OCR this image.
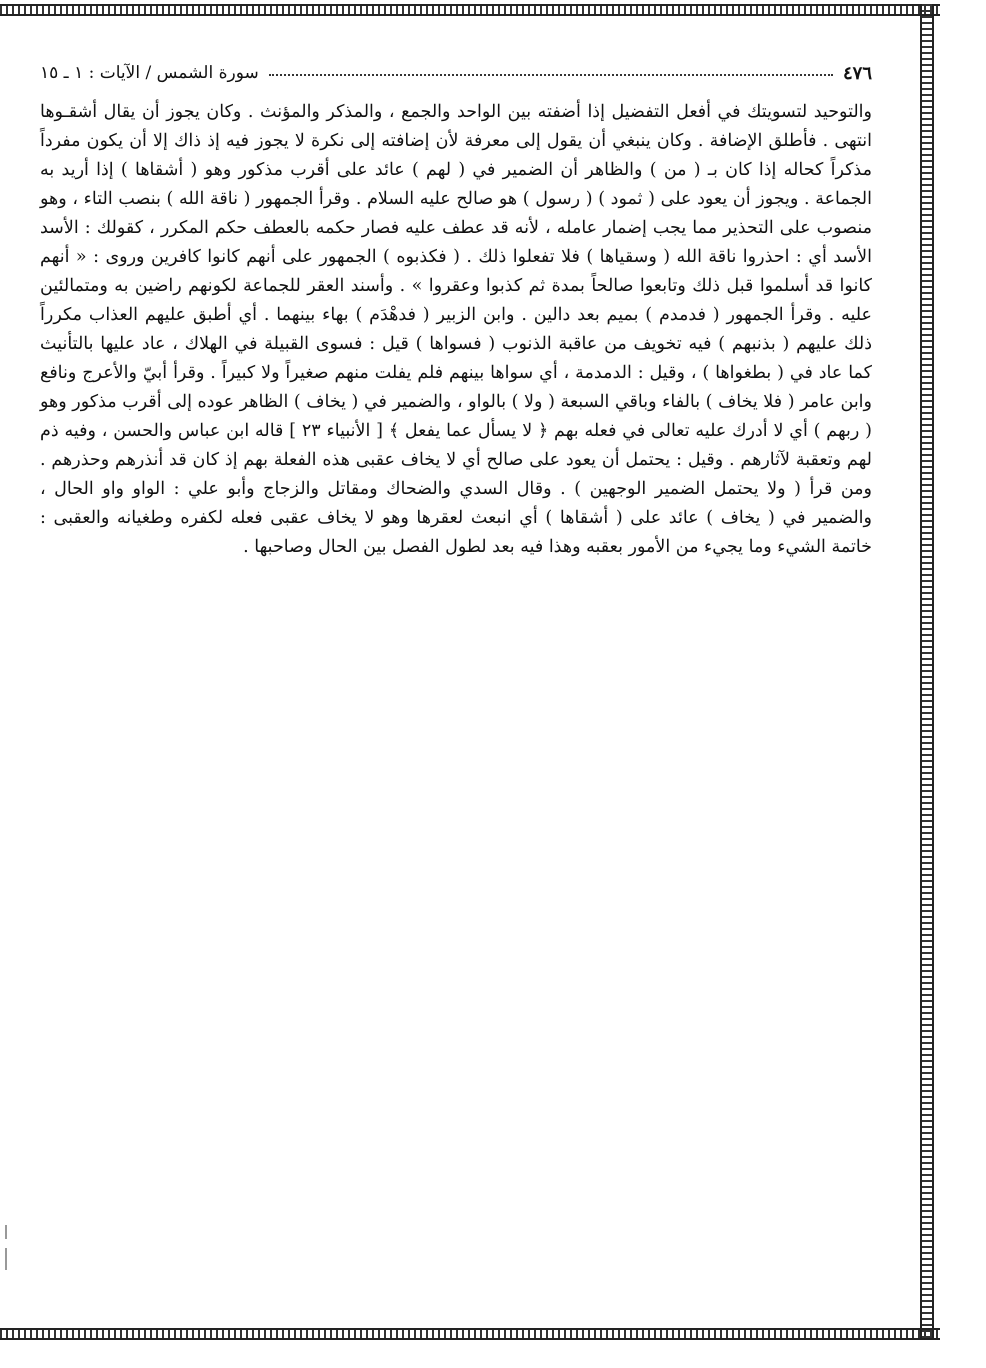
٤٧٦
سورة الشمس / الآيات : ١ ـ ١٥

والتوحيد لتسويتك في أفعل التفضيل إذا أضفته بين الواحد والجمع ، والمذكر والمؤنث . وكان يجوز أن يقال أشقـوها انتهى . فأطلق الإضافة . وكان ينبغي أن يقول إلى معرفة لأن إضافته إلى نكرة لا يجوز فيه إذ ذاك إلا أن يكون مفرداً مذكراً كحاله إذا كان بـ ( من ) والظاهر أن الضمير في ( لهم ) عائد على أقرب مذكور وهو ( أشقاها ) إذا أريد به الجماعة . ويجوز أن يعود على ( ثمود ) ( رسول ) هو صالح عليه السلام . وقرأ الجمهور ( ناقة الله ) بنصب التاء ، وهو منصوب على التحذير مما يجب إضمار عامله ، لأنه قد عطف عليه فصار حكمه بالعطف حكم المكرر ، كقولك : الأسد الأسد أي : احذروا ناقة الله ( وسقياها ) فلا تفعلوا ذلك . ( فكذبوه ) الجمهور على أنهم كانوا كافرين وروى : « أنهم كانوا قد أسلموا قبل ذلك وتابعوا صالحاً بمدة ثم كذبوا وعقروا » . وأسند العقر للجماعة لكونهم راضين به ومتمالئين عليه . وقرأ الجمهور ( فدمدم ) بميم بعد دالين . وابن الزبير ( فدهْدَم ) بهاء بينهما . أي أطبق عليهم العذاب مكرراً ذلك عليهم ( بذنبهم ) فيه تخويف من عاقبة الذنوب ( فسواها ) قيل : فسوى القبيلة في الهلاك ، عاد عليها بالتأنيث كما عاد في ( بطغواها ) ، وقيل : الدمدمة ، أي سواها بينهم فلم يفلت منهم صغيراً ولا كبيراً . وقرأ أبيّ والأعرج ونافع وابن عامر ( فلا يخاف ) بالفاء وباقي السبعة ( ولا ) بالواو ، والضمير في ( يخاف ) الظاهر عوده إلى أقرب مذكور وهو ( ربهم ) أي لا أدرك عليه تعالى في فعله بهم ﴿ لا يسأل عما يفعل ﴾ [ الأنبياء ٢٣ ] قاله ابن عباس والحسن ، وفيه ذم لهم وتعقبة لآثارهم . وقيل : يحتمل أن يعود على صالح أي لا يخاف عقبى هذه الفعلة بهم إذ كان قد أنذرهم وحذرهم . ومن قرأ ( ولا يحتمل الضمير الوجهين ) . وقال السدي والضحاك ومقاتل والزجاج وأبو علي : الواو واو الحال ، والضمير في ( يخاف ) عائد على ( أشقاها ) أي انبعث لعقرها وهو لا يخاف عقبى فعله لكفره وطغيانه والعقبى : خاتمة الشيء وما يجيء من الأمور بعقبه وهذا فيه بعد لطول الفصل بين الحال وصاحبها .
